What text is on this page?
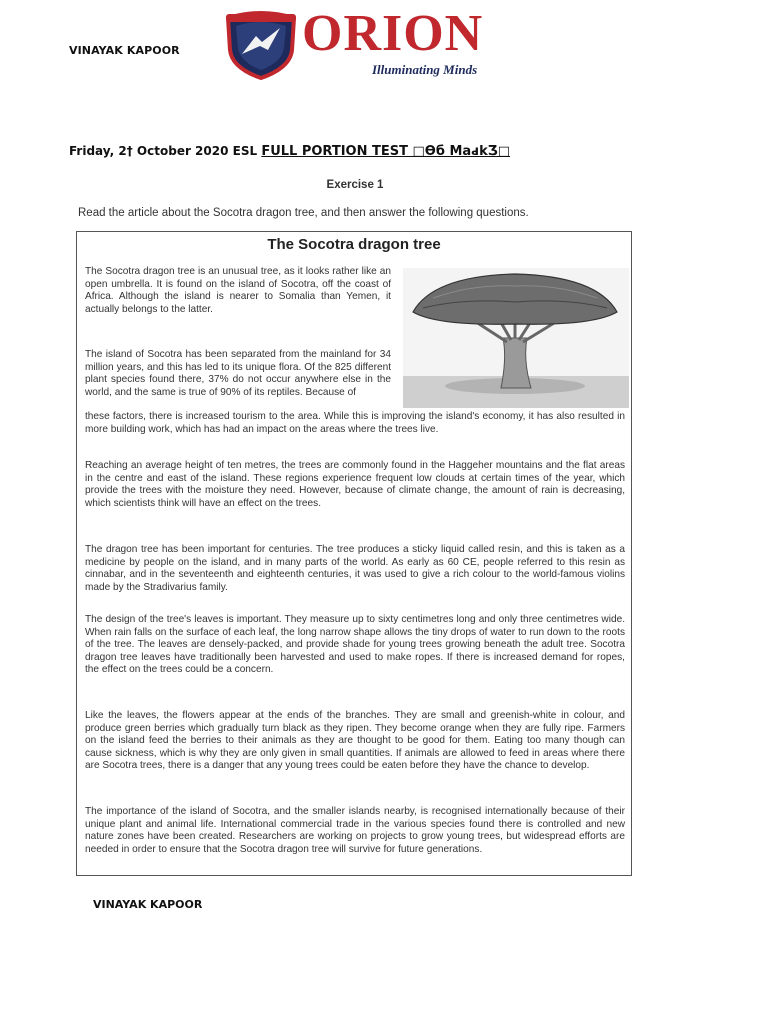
VINAYAK KAPOOR ORION
Illuminating Minds
Friday, 2† October 2020 ESL FULL PORTION TEST □Өб MaԁkƷ□
Exercise 1
Read the article about the Socotra dragon tree, and then answer the following questions.
The Socotra dragon tree

The Socotra dragon tree is an unusual tree, as it looks rather like an open umbrella. It is found on the island of Socotra, off the coast of Africa. Although the island is nearer to Somalia than Yemen, it actually belongs to the latter.

The island of Socotra has been separated from the mainland for 34 million years, and this has led to its unique flora. Of the 825 different plant species found there, 37% do not occur anywhere else in the world, and the same is true of 90% of its reptiles. Because of

these factors, there is increased tourism to the area. While this is improving the island's economy, it has also resulted in more building work, which has had an impact on the areas where the trees live.

Reaching an average height of ten metres, the trees are commonly found in the Haggeher mountains and the flat areas in the centre and east of the island. These regions experience frequent low clouds at certain times of the year, which provide the trees with the moisture they need. However, because of climate change, the amount of rain is decreasing, which scientists think will have an effect on the trees.

The dragon tree has been important for centuries. The tree produces a sticky liquid called resin, and this is taken as a medicine by people on the island, and in many parts of the world. As early as 60 CE, people referred to this resin as cinnabar, and in the seventeenth and eighteenth centuries, it was used to give a rich colour to the world-famous violins made by the Stradivarius family.

The design of the tree's leaves is important. They measure up to sixty centimetres long and only three centimetres wide. When rain falls on the surface of each leaf, the long narrow shape allows the tiny drops of water to run down to the roots of the tree. The leaves are densely-packed, and provide shade for young trees growing beneath the adult tree. Socotra dragon tree leaves have traditionally been harvested and used to make ropes. If there is increased demand for ropes, the effect on the trees could be a concern.

Like the leaves, the flowers appear at the ends of the branches. They are small and greenish-white in colour, and produce green berries which gradually turn black as they ripen. They become orange when they are fully ripe. Farmers on the island feed the berries to their animals as they are thought to be good for them. Eating too many though can cause sickness, which is why they are only given in small quantities. If animals are allowed to feed in areas where there are Socotra trees, there is a danger that any young trees could be eaten before they have the chance to develop.

The importance of the island of Socotra, and the smaller islands nearby, is recognised internationally because of their unique plant and animal life. International commercial trade in the various species found there is controlled and new nature zones have been created. Researchers are working on projects to grow young trees, but widespread efforts are needed in order to ensure that the Socotra dragon tree will survive for future generations.

VINAYAK KAPOOR
